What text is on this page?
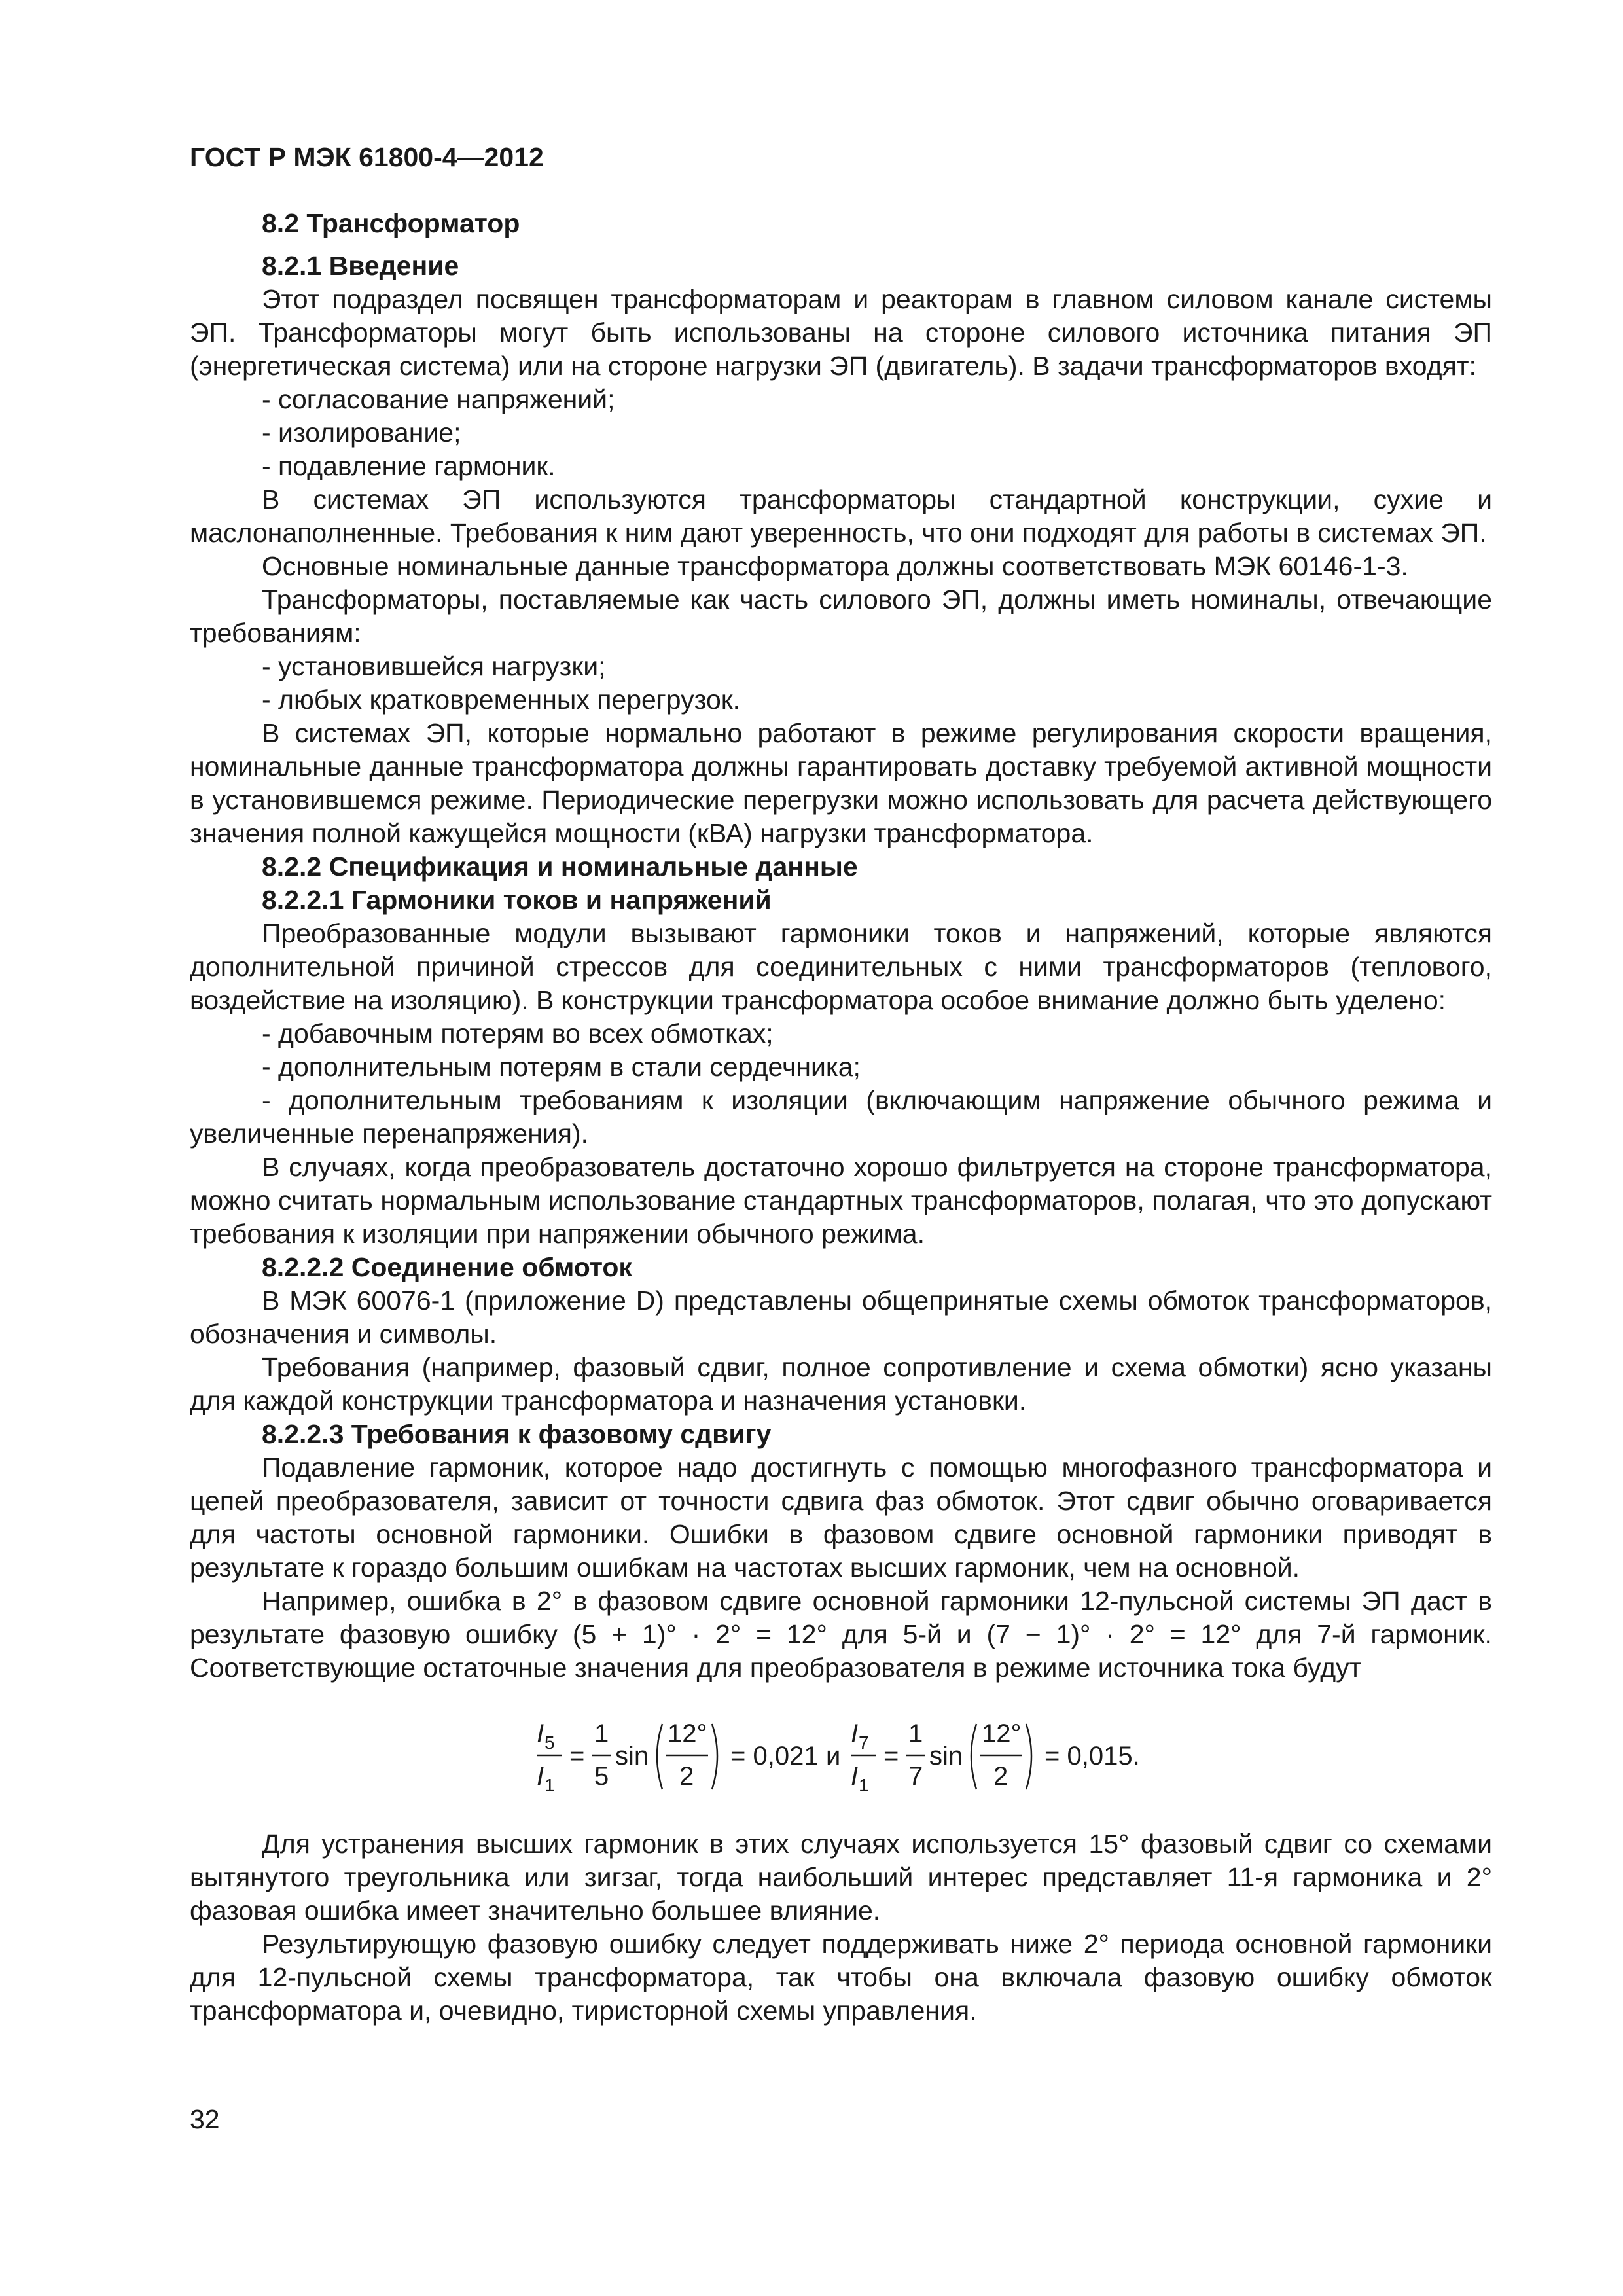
ГОСТ Р МЭК 61800-4—2012
8.2 Трансформатор
8.2.1 Введение

Этот подраздел посвящен трансформаторам и реакторам в главном силовом канале системы ЭП. Трансформаторы могут быть использованы на стороне силового источника питания ЭП (энергетическая система) или на стороне нагрузки ЭП (двигатель). В задачи трансформаторов входят:

- согласование напряжений;
- изолирование;
- подавление гармоник.

В системах ЭП используются трансформаторы стандартной конструкции, сухие и маслонаполненные. Требования к ним дают уверенность, что они подходят для работы в системах ЭП.

Основные номинальные данные трансформатора должны соответствовать МЭК 60146-1-3.

Трансформаторы, поставляемые как часть силового ЭП, должны иметь номиналы, отвечающие требованиям:

- установившейся нагрузки;
- любых кратковременных перегрузок.

В системах ЭП, которые нормально работают в режиме регулирования скорости вращения, номинальные данные трансформатора должны гарантировать доставку требуемой активной мощности в установившемся режиме. Периодические перегрузки можно использовать для расчета действующего значения полной кажущейся мощности (кВА) нагрузки трансформатора.

8.2.2 Спецификация и номинальные данные
8.2.2.1 Гармоники токов и напряжений

Преобразованные модули вызывают гармоники токов и напряжений, которые являются дополнительной причиной стрессов для соединительных с ними трансформаторов (теплового, воздействие на изоляцию). В конструкции трансформатора особое внимание должно быть уделено:

- добавочным потерям во всех обмотках;
- дополнительным потерям в стали сердечника;

- дополнительным требованиям к изоляции (включающим напряжение обычного режима и увеличенные перенапряжения).

В случаях, когда преобразователь достаточно хорошо фильтруется на стороне трансформатора, можно считать нормальным использование стандартных трансформаторов, полагая, что это допускают требования к изоляции при напряжении обычного режима.

8.2.2.2 Соединение обмоток

В МЭК 60076-1 (приложение D) представлены общепринятые схемы обмоток трансформаторов, обозначения и символы.

Требования (например, фазовый сдвиг, полное сопротивление и схема обмотки) ясно указаны для каждой конструкции трансформатора и назначения установки.

8.2.2.3 Требования к фазовому сдвигу

Подавление гармоник, которое надо достигнуть с помощью многофазного трансформатора и цепей преобразователя, зависит от точности сдвига фаз обмоток. Этот сдвиг обычно оговаривается для частоты основной гармоники. Ошибки в фазовом сдвиге основной гармоники приводят в результате к гораздо большим ошибкам на частотах высших гармоник, чем на основной.

Например, ошибка в 2° в фазовом сдвиге основной гармоники 12-пульсной системы ЭП даст в результате фазовую ошибку (5 + 1)° · 2° = 12° для 5-й и (7 − 1)° · 2° = 12° для 7-й гармоник. Соответствующие остаточные значения для преобразователя в режиме источника тока будут

I 5
I 1
=
1
5
sin
12°
2
= 0,021 и
I 7
I 1
=
1
7
sin
12°
2
= 0,015.

Для устранения высших гармоник в этих случаях используется 15° фазовый сдвиг со схемами вытянутого треугольника или зигзаг, тогда наибольший интерес представляет 11-я гармоника и 2° фазовая ошибка имеет значительно большее влияние.

Результирующую фазовую ошибку следует поддерживать ниже 2° периода основной гармоники для 12-пульсной схемы трансформатора, так чтобы она включала фазовую ошибку обмоток трансформатора и, очевидно, тиристорной схемы управления.

32
